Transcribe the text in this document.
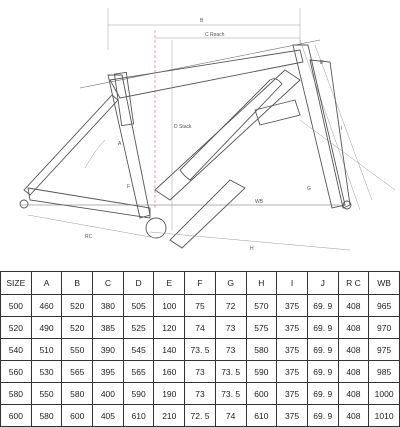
B
C Reach
D Stack
E'
A
F	G
H
I
WB
RC
SIZE	A	B	C	D	E	F	G	H	I	J	R C	WB
500	460	520	380	505	100	75	72	570	375	69. 9	408	965
520	490	520	385	525	120	74	73	575	375	69. 9	408	970
540	510	550	390	545	140	73. 5	73	580	375	69. 9	408	975
560	530	565	395	565	160	73	73. 5	590	375	69. 9	408	985
580	550	580	400	590	190	73	73. 5	600	375	69. 9	408	1000
600	580	600	405	610	210	72. 5	74	610	375	69. 9	408	1010
